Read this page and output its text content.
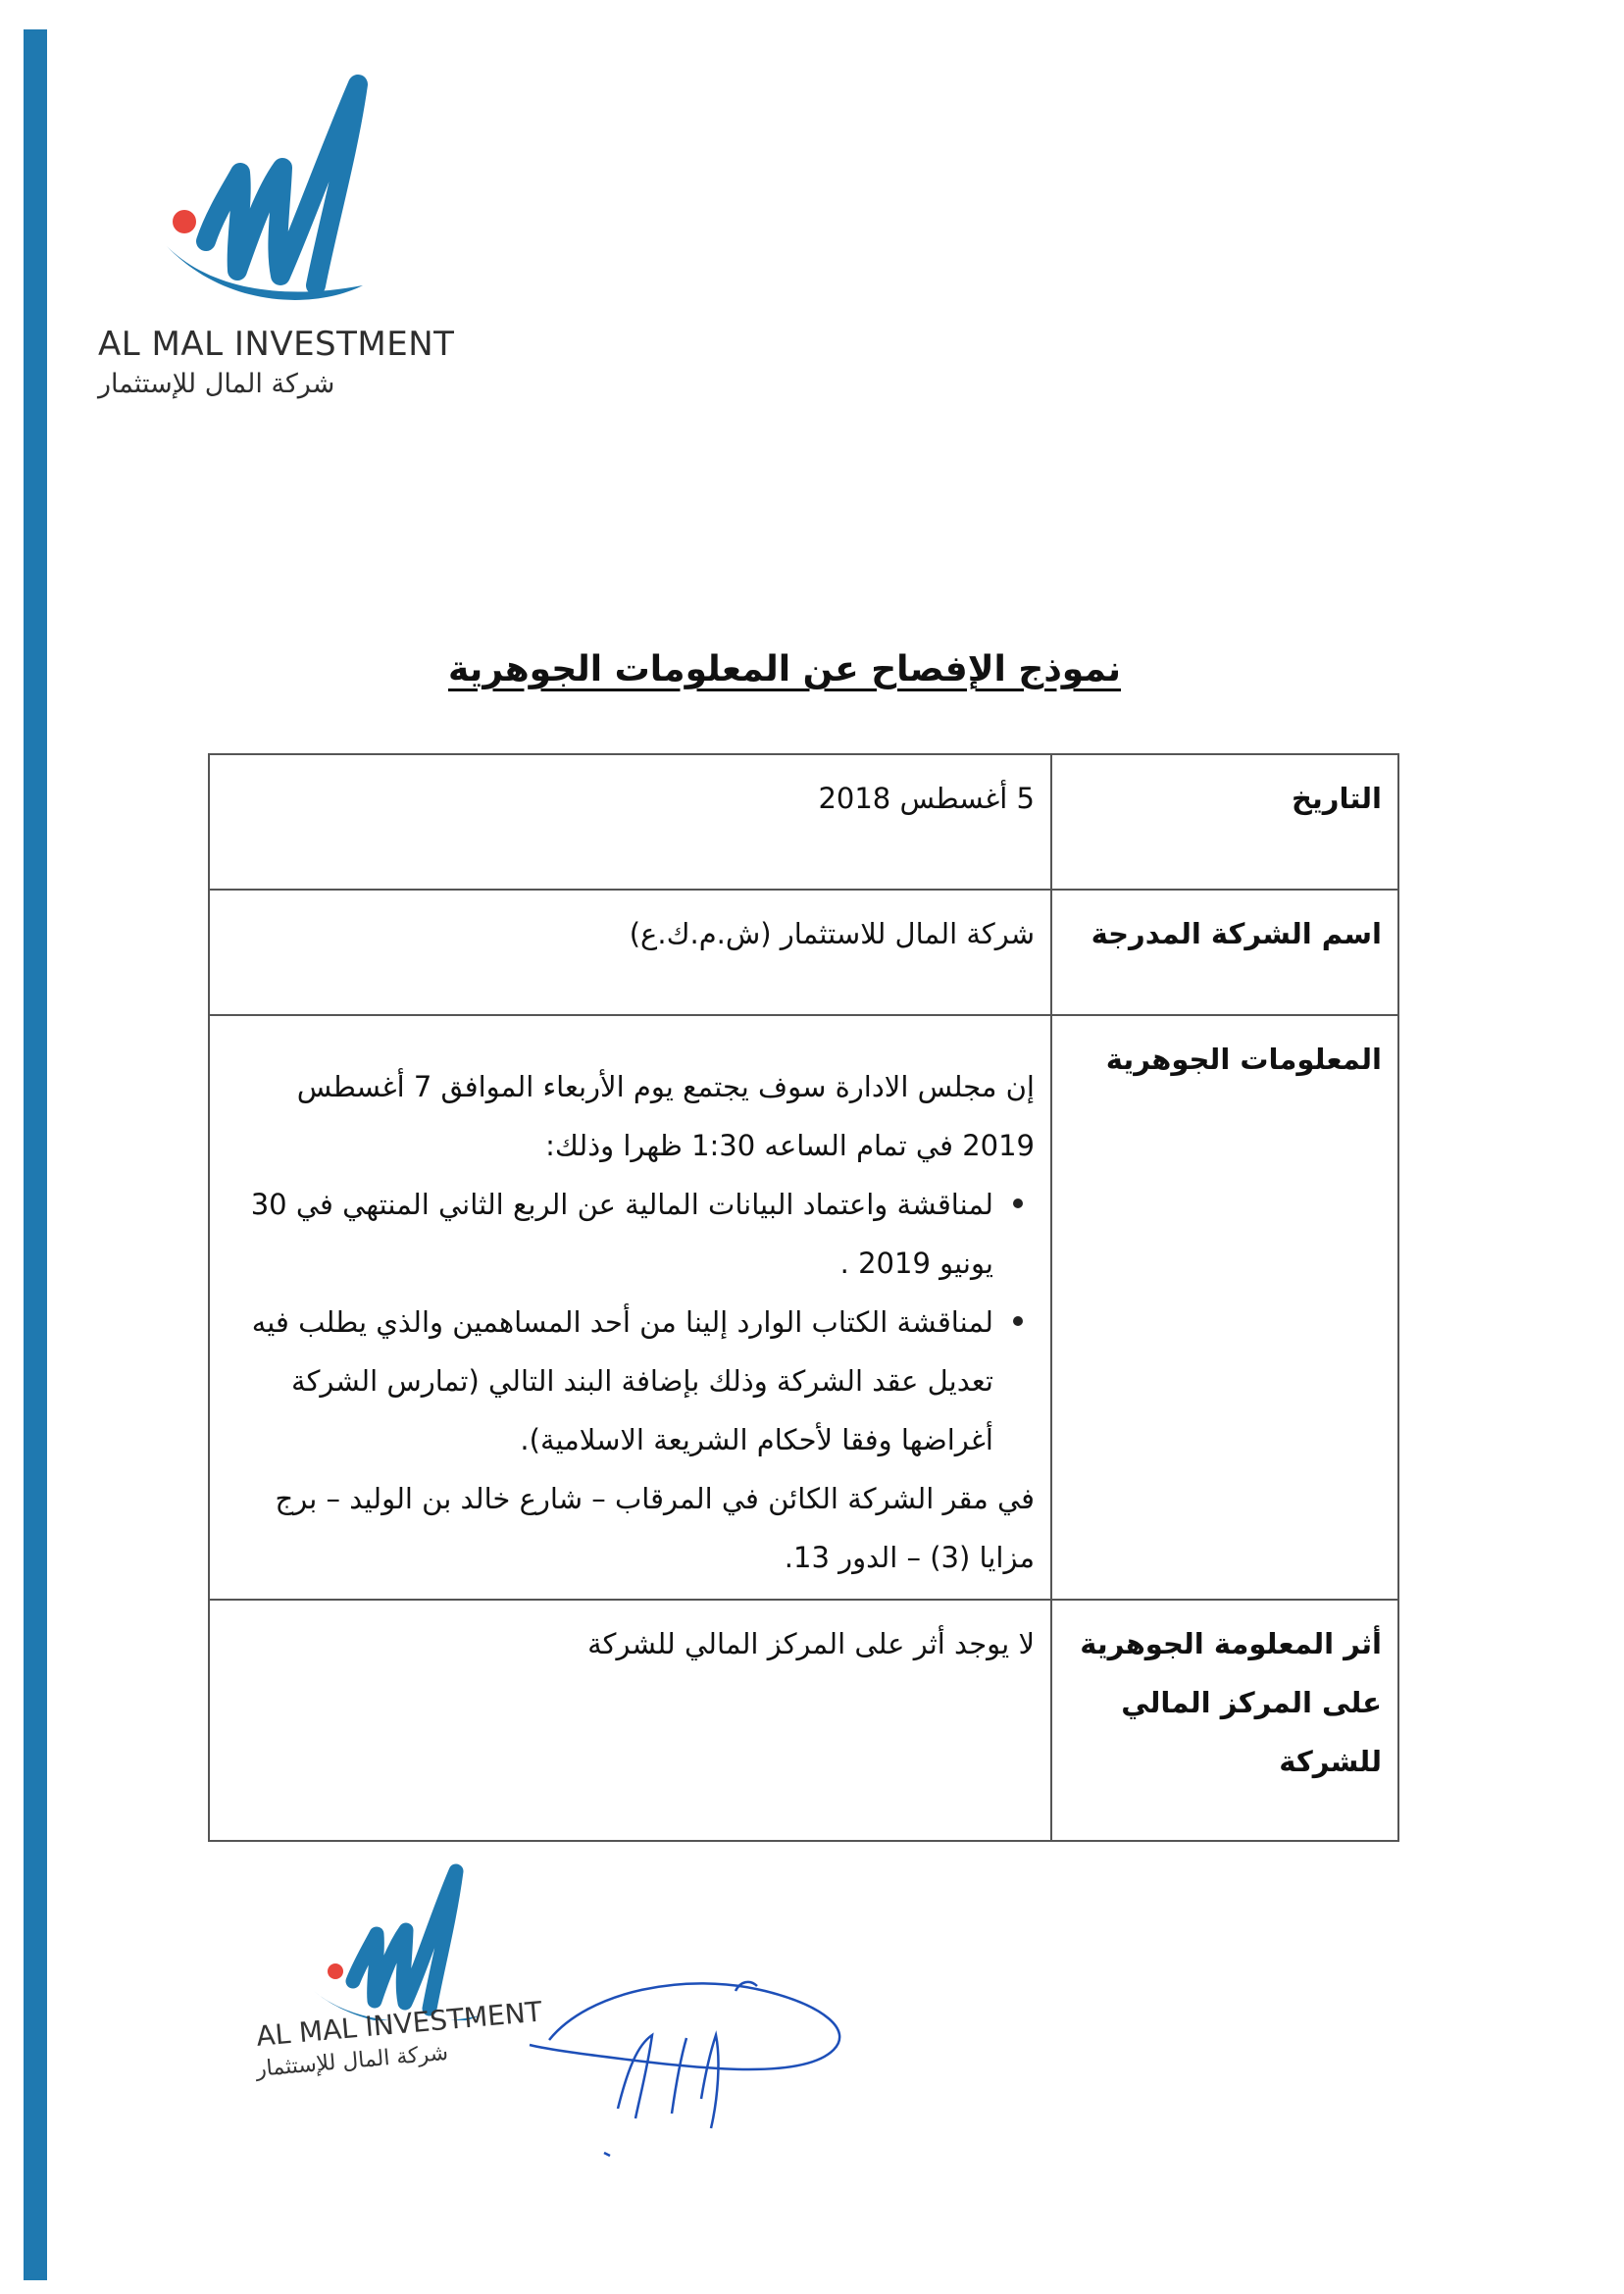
AL MAL INVESTMENT
شركة المال للإستثمار
نموذج الإفصاح عن المعلومات الجوهرية
التاريخ	5 أغسطس 2018
اسم الشركة المدرجة	شركة المال للاستثمار (ش.م.ك.ع)
المعلومات الجوهرية	إن مجلس الادارة سوف يجتمع يوم الأربعاء الموافق 7 أغسطس 2019 في تمام الساعه 1:30 ظهرا وذلك:
لمناقشة واعتماد البيانات المالية عن الربع الثاني المنتهي في 30 يونيو 2019 .
لمناقشة الكتاب الوارد إلينا من أحد المساهمين والذي يطلب فيه تعديل عقد الشركة وذلك بإضافة البند التالي (تمارس الشركة أغراضها وفقا لأحكام الشريعة الاسلامية).
في مقر الشركة الكائن في المرقاب – شارع خالد بن الوليد – برج مزايا (3) – الدور 13.

أثر المعلومة الجوهرية على المركز المالي للشركة	لا يوجد أثر على المركز المالي للشركة
AL MAL INVESTMENT
شركة المال للإستثمار
